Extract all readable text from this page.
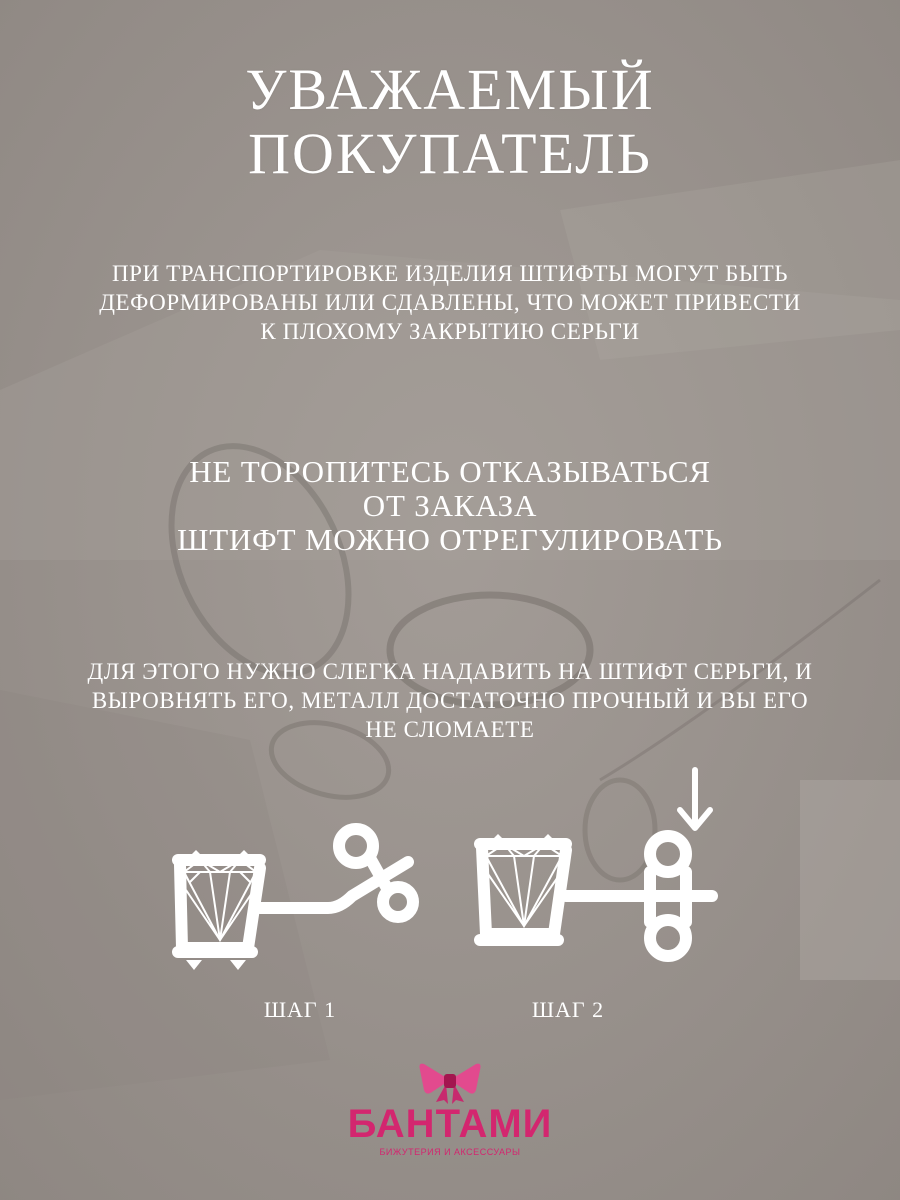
УВАЖАЕМЫЙ
ПОКУПАТЕЛЬ
ПРИ ТРАНСПОРТИРОВКЕ ИЗДЕЛИЯ ШТИФТЫ МОГУТ БЫТЬ
ДЕФОРМИРОВАНЫ ИЛИ СДАВЛЕНЫ, ЧТО МОЖЕТ ПРИВЕСТИ
К ПЛОХОМУ ЗАКРЫТИЮ СЕРЬГИ
НЕ ТОРОПИТЕСЬ ОТКАЗЫВАТЬСЯ
ОТ ЗАКАЗА
ШТИФТ МОЖНО ОТРЕГУЛИРОВАТЬ
ДЛЯ ЭТОГО НУЖНО СЛЕГКА НАДАВИТЬ НА ШТИФТ СЕРЬГИ, И
ВЫРОВНЯТЬ ЕГО, МЕТАЛЛ ДОСТАТОЧНО ПРОЧНЫЙ И ВЫ ЕГО
НЕ СЛОМАЕТЕ
ШАГ 1	ШАГ 2
БАНТАМИ
БИЖУТЕРИЯ И АКСЕССУАРЫ
